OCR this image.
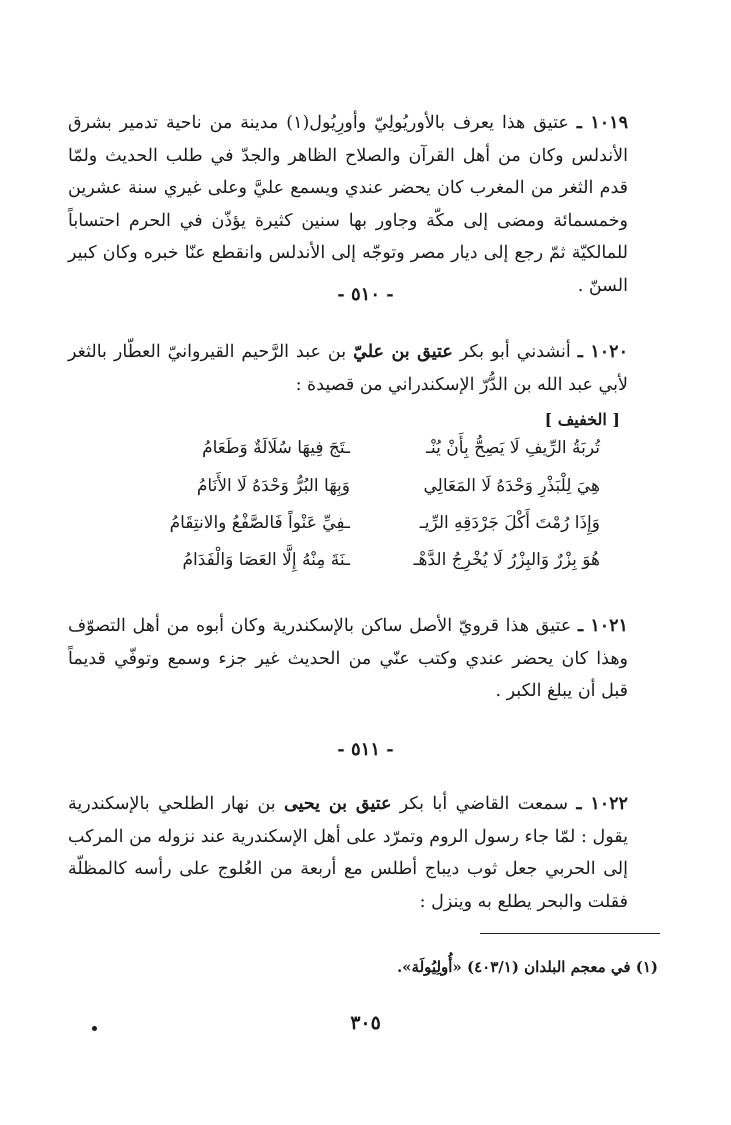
١٠١٩ ـ عتيق هذا يعرف بالأوريُولِيّ وأورِيُول(١) مدينة من ناحية تدمير بشرق الأندلس وكان من أهل القرآن والصلاح الظاهر والجدّ في طلب الحديث ولمّا قدم الثغر من المغرب كان يحضر عندي ويسمع عليَّ وعلى غيري سنة عشرين وخمسمائة ومضى إلى مكّة وجاور بها سنين كثيرة يؤذّن في الحرم احتساباً للمالكيّة ثمّ رجع إلى ديار مصر وتوجّه إلى الأندلس وانقطع عنّا خبره وكان كبير السنّ .
- ٥١٠ -
١٠٢٠ ـ أنشدني أبو بكر عتيق بن عليّ بن عبد الرَّحيم القيروانيّ العطّار بالثغر لأبي عبد الله بن الدُّرّ الإسكندراني من قصيدة :
[ الخفيف ]
تُربَةُ الرِّيفِ لَا يَصِحُّ بِأَنْ يُنْـ
ـتَجَ فِيهَا سُلَالَةٌ وَطَعَامُ
هِيَ لِلْبَذْرِ وَحْدَهُ لَا المَعَالِي
وَبِهَا البُرُّ وَحْدَهُ لَا الأَنَامُ
وَإِذَا رُمْتَ أَكْلَ جَرْدَقِهِ الرِّيـ
ـفِيِّ عَنْواً فَالصَّفْعُ والانتِقَامُ
هُوَ بِزْرٌ وَالبِزْرُ لَا يُخْرِجُ الدَّهْـ
ـنَةَ مِنْهُ إِلَّا العَصَا وَالْفَدَامُ
١٠٢١ ـ عتيق هذا قرويّ الأصل ساكن بالإسكندرية وكان أبوه من أهل التصوّف وهذا كان يحضر عندي وكتب عنّي من الحديث غير جزء وسمع وتوفّي قديماً قبل أن يبلغ الكبر .
- ٥١١ -
١٠٢٢ ـ سمعت القاضي أبا بكر عتيق بن يحيى بن نهار الطلحي بالإسكندرية يقول : لمّا جاء رسول الروم وتمرّد على أهل الإسكندرية عند نزوله من المركب إلى الحربي جعل ثوب ديباج أطلس مع أربعة من العُلوج على رأسه كالمظلّة فقلت والبحر يطلع به وينزل :
(١) في معجم البلدان (٤٠٣/١) «أُولِيُولَة».
٣٠٥
